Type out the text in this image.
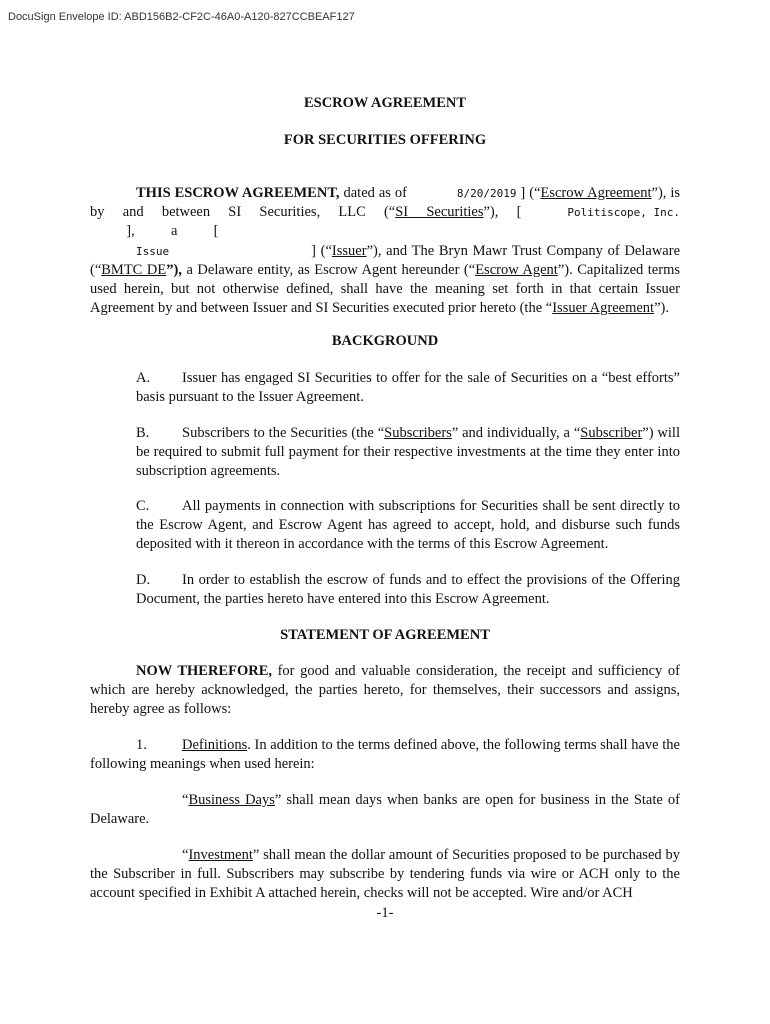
DocuSign Envelope ID: ABD156B2-CF2C-46A0-A120-827CCBEAF127
ESCROW AGREEMENT
FOR SECURITIES OFFERING
THIS ESCROW AGREEMENT, dated as of	8/20/2019 ] (“Escrow Agreement”), is by and between SI Securities, LLC (“SI Securities”), [	Politiscope, Inc.          ],          a          [
Issue                              ] (“Issuer”), and The Bryn Mawr Trust Company of Delaware (“BMTC DE”), a Delaware entity, as Escrow Agent hereunder (“Escrow Agent”). Capitalized terms used herein, but not otherwise defined, shall have the meaning set forth in that certain Issuer Agreement by and between Issuer and SI Securities executed prior hereto (the “Issuer Agreement”).
BACKGROUND
A. Issuer has engaged SI Securities to offer for the sale of Securities on a “best efforts” basis pursuant to the Issuer Agreement.
B. Subscribers to the Securities (the “Subscribers” and individually, a “Subscriber”) will be required to submit full payment for their respective investments at the time they enter into subscription agreements.
C. All payments in connection with subscriptions for Securities shall be sent directly to the Escrow Agent, and Escrow Agent has agreed to accept, hold, and disburse such funds deposited with it thereon in accordance with the terms of this Escrow Agreement.
D. In order to establish the escrow of funds and to effect the provisions of the Offering Document, the parties hereto have entered into this Escrow Agreement.
STATEMENT OF AGREEMENT
NOW THEREFORE, for good and valuable consideration, the receipt and sufficiency of which are hereby acknowledged, the parties hereto, for themselves, their successors and assigns, hereby agree as follows:
1. Definitions. In addition to the terms defined above, the following terms shall have the following meanings when used herein:
“Business Days” shall mean days when banks are open for business in the State of Delaware.
“Investment” shall mean the dollar amount of Securities proposed to be purchased by the Subscriber in full. Subscribers may subscribe by tendering funds via wire or ACH only to the account specified in Exhibit A attached herein, checks will not be accepted. Wire and/or ACH
-1-
